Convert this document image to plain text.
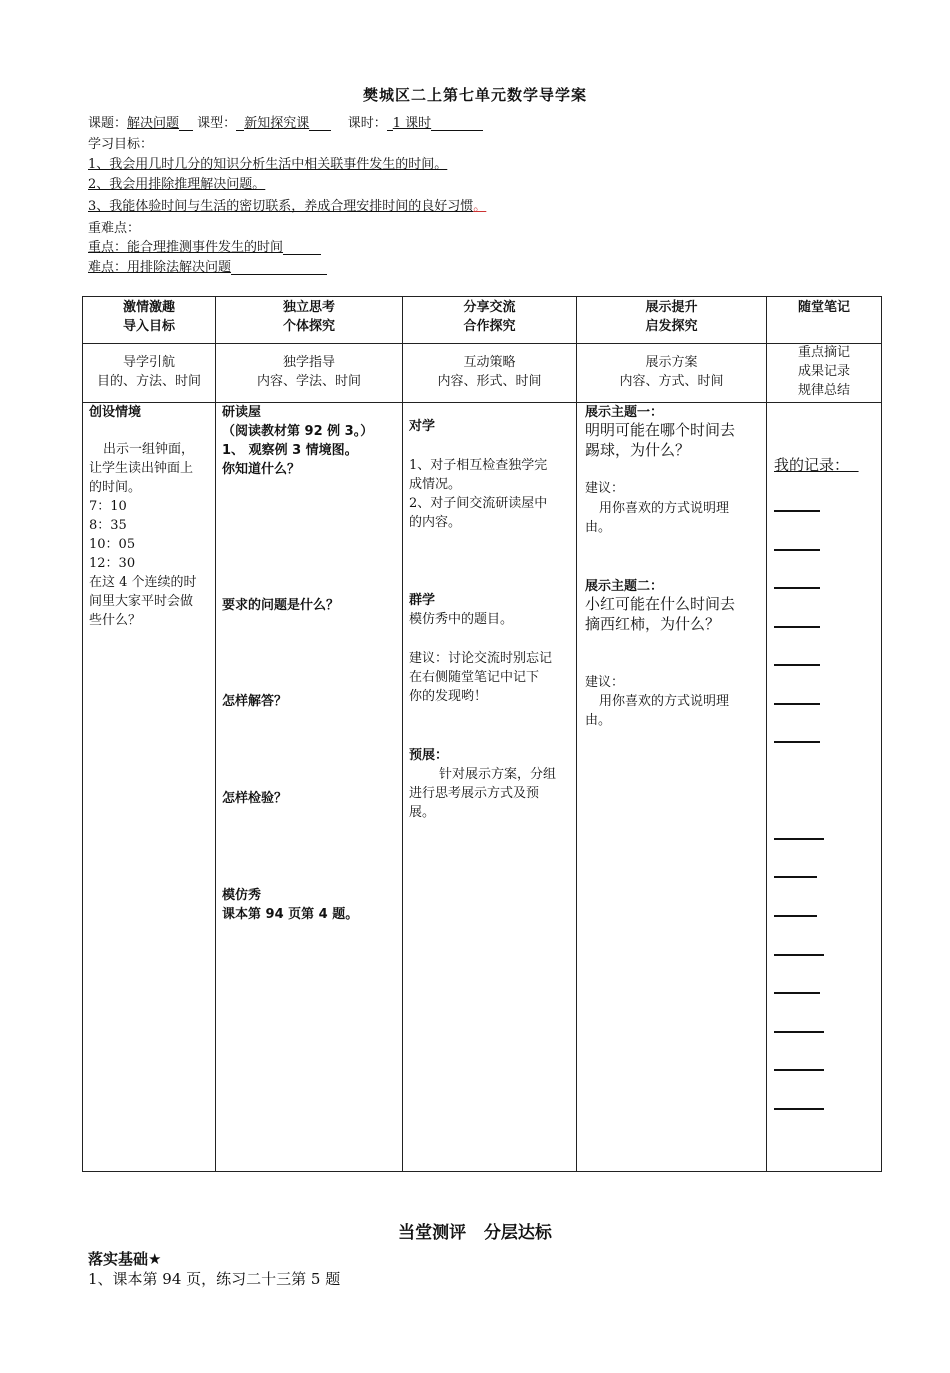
樊城区二上第七单元数学导学案
课题：解决问题 课型： 新知探究课	课时： 1 课时
学习目标：
1、我会用几时几分的知识分析生活中相关联事件发生的时间。
2、我会用排除推理解决问题。
3、我能体验时间与生活的密切联系，养成合理安排时间的良好习惯。
重难点：
重点：能合理推测事件发生的时间
难点：用排除法解决问题
激情激趣
导入目标
独立思考
个体探究
分享交流
合作探究
展示提升
启发探究
随堂笔记
导学引航
目的、方法、时间
独学指导
内容、学法、时间
互动策略
内容、形式、时间
展示方案
内容、方式、时间
重点摘记
成果记录
规律总结
创设情境
出示一组钟面，
让学生读出钟面上
的时间。
7：10
8：35
10：05
12：30
在这 4 个连续的时
间里大家平时会做
些什么？
研读屋
（阅读教材第 92 例 3。）
1、 观察例 3 情境图。
你知道什么？
要求的问题是什么？
怎样解答？
怎样检验？
模仿秀
课本第 94 页第 4 题。
对学
1、对子相互检查独学完
成情况。
2、对子间交流研读屋中
的内容。
群学
模仿秀中的题目。
建议：讨论交流时别忘记
在右侧随堂笔记中记下
你的发现哟！
预展：
针对展示方案，分组
进行思考展示方式及预
展。
展示主题一：
明明可能在哪个时间去
踢球，为什么？
建议：
用你喜欢的方式说明理
由。
展示主题二：
小红可能在什么时间去
摘西红柿，为什么？
建议：
用你喜欢的方式说明理
由。
我的记录：
当堂测评   分层达标
落实基础★
1、课本第 94 页，练习二十三第 5 题
